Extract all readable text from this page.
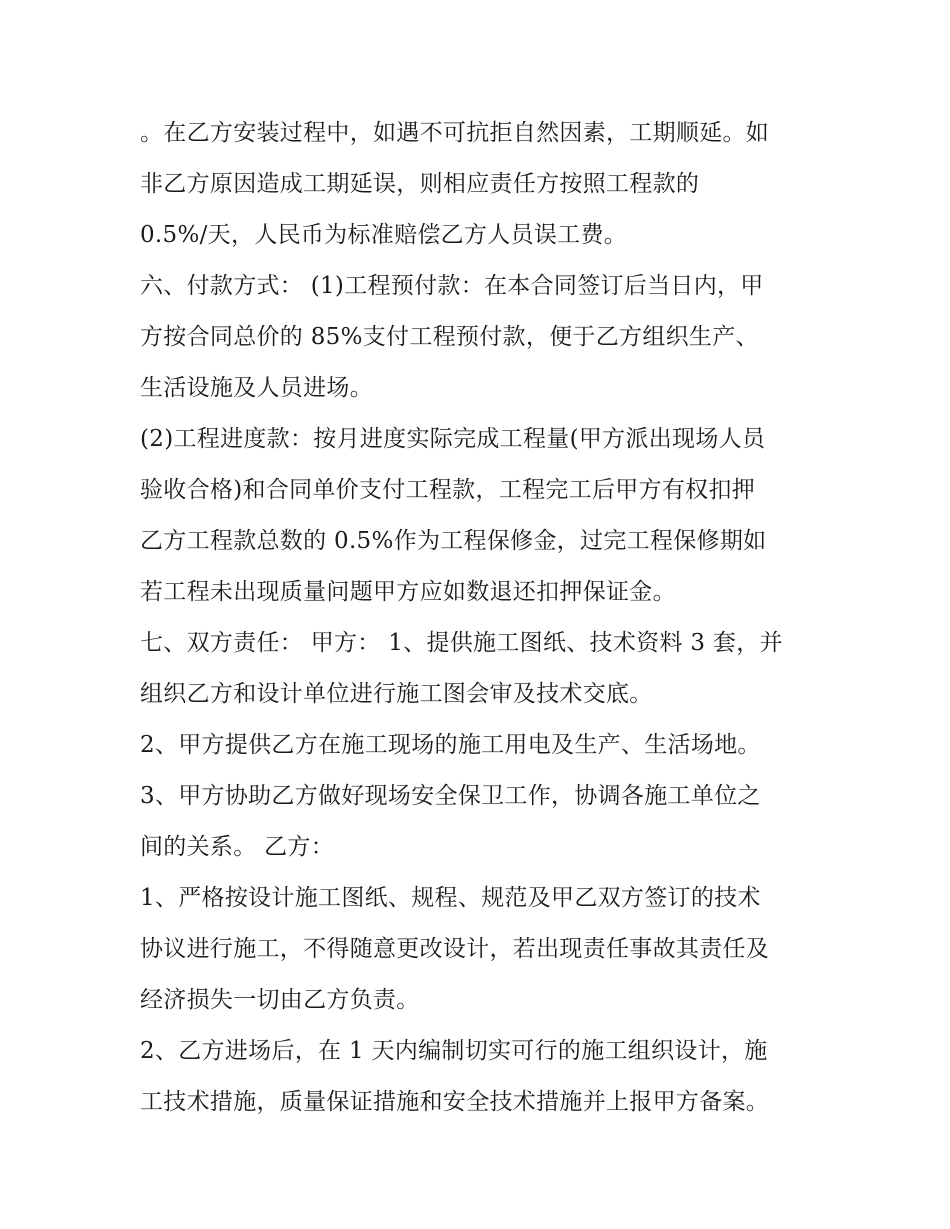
。在乙方安装过程中，如遇不可抗拒自然因素，工期顺延。如
非乙方原因造成工期延误，则相应责任方按照工程款的
0.5%/天，人民币为标准赔偿乙方人员误工费。
六、付款方式： (1)工程预付款：在本合同签订后当日内，甲
方按合同总价的 85%支付工程预付款，便于乙方组织生产、
生活设施及人员进场。
(2)工程进度款：按月进度实际完成工程量(甲方派出现场人员
验收合格)和合同单价支付工程款，工程完工后甲方有权扣押
乙方工程款总数的 0.5%作为工程保修金，过完工程保修期如
若工程未出现质量问题甲方应如数退还扣押保证金。
七、双方责任： 甲方： 1、提供施工图纸、技术资料 3 套，并
组织乙方和设计单位进行施工图会审及技术交底。
2、甲方提供乙方在施工现场的施工用电及生产、生活场地。
3、甲方协助乙方做好现场安全保卫工作，协调各施工单位之
间的关系。 乙方：
1、严格按设计施工图纸、规程、规范及甲乙双方签订的技术
协议进行施工，不得随意更改设计，若出现责任事故其责任及
经济损失一切由乙方负责。
2、乙方进场后，在 1 天内编制切实可行的施工组织设计，施
工技术措施，质量保证措施和安全技术措施并上报甲方备案。
